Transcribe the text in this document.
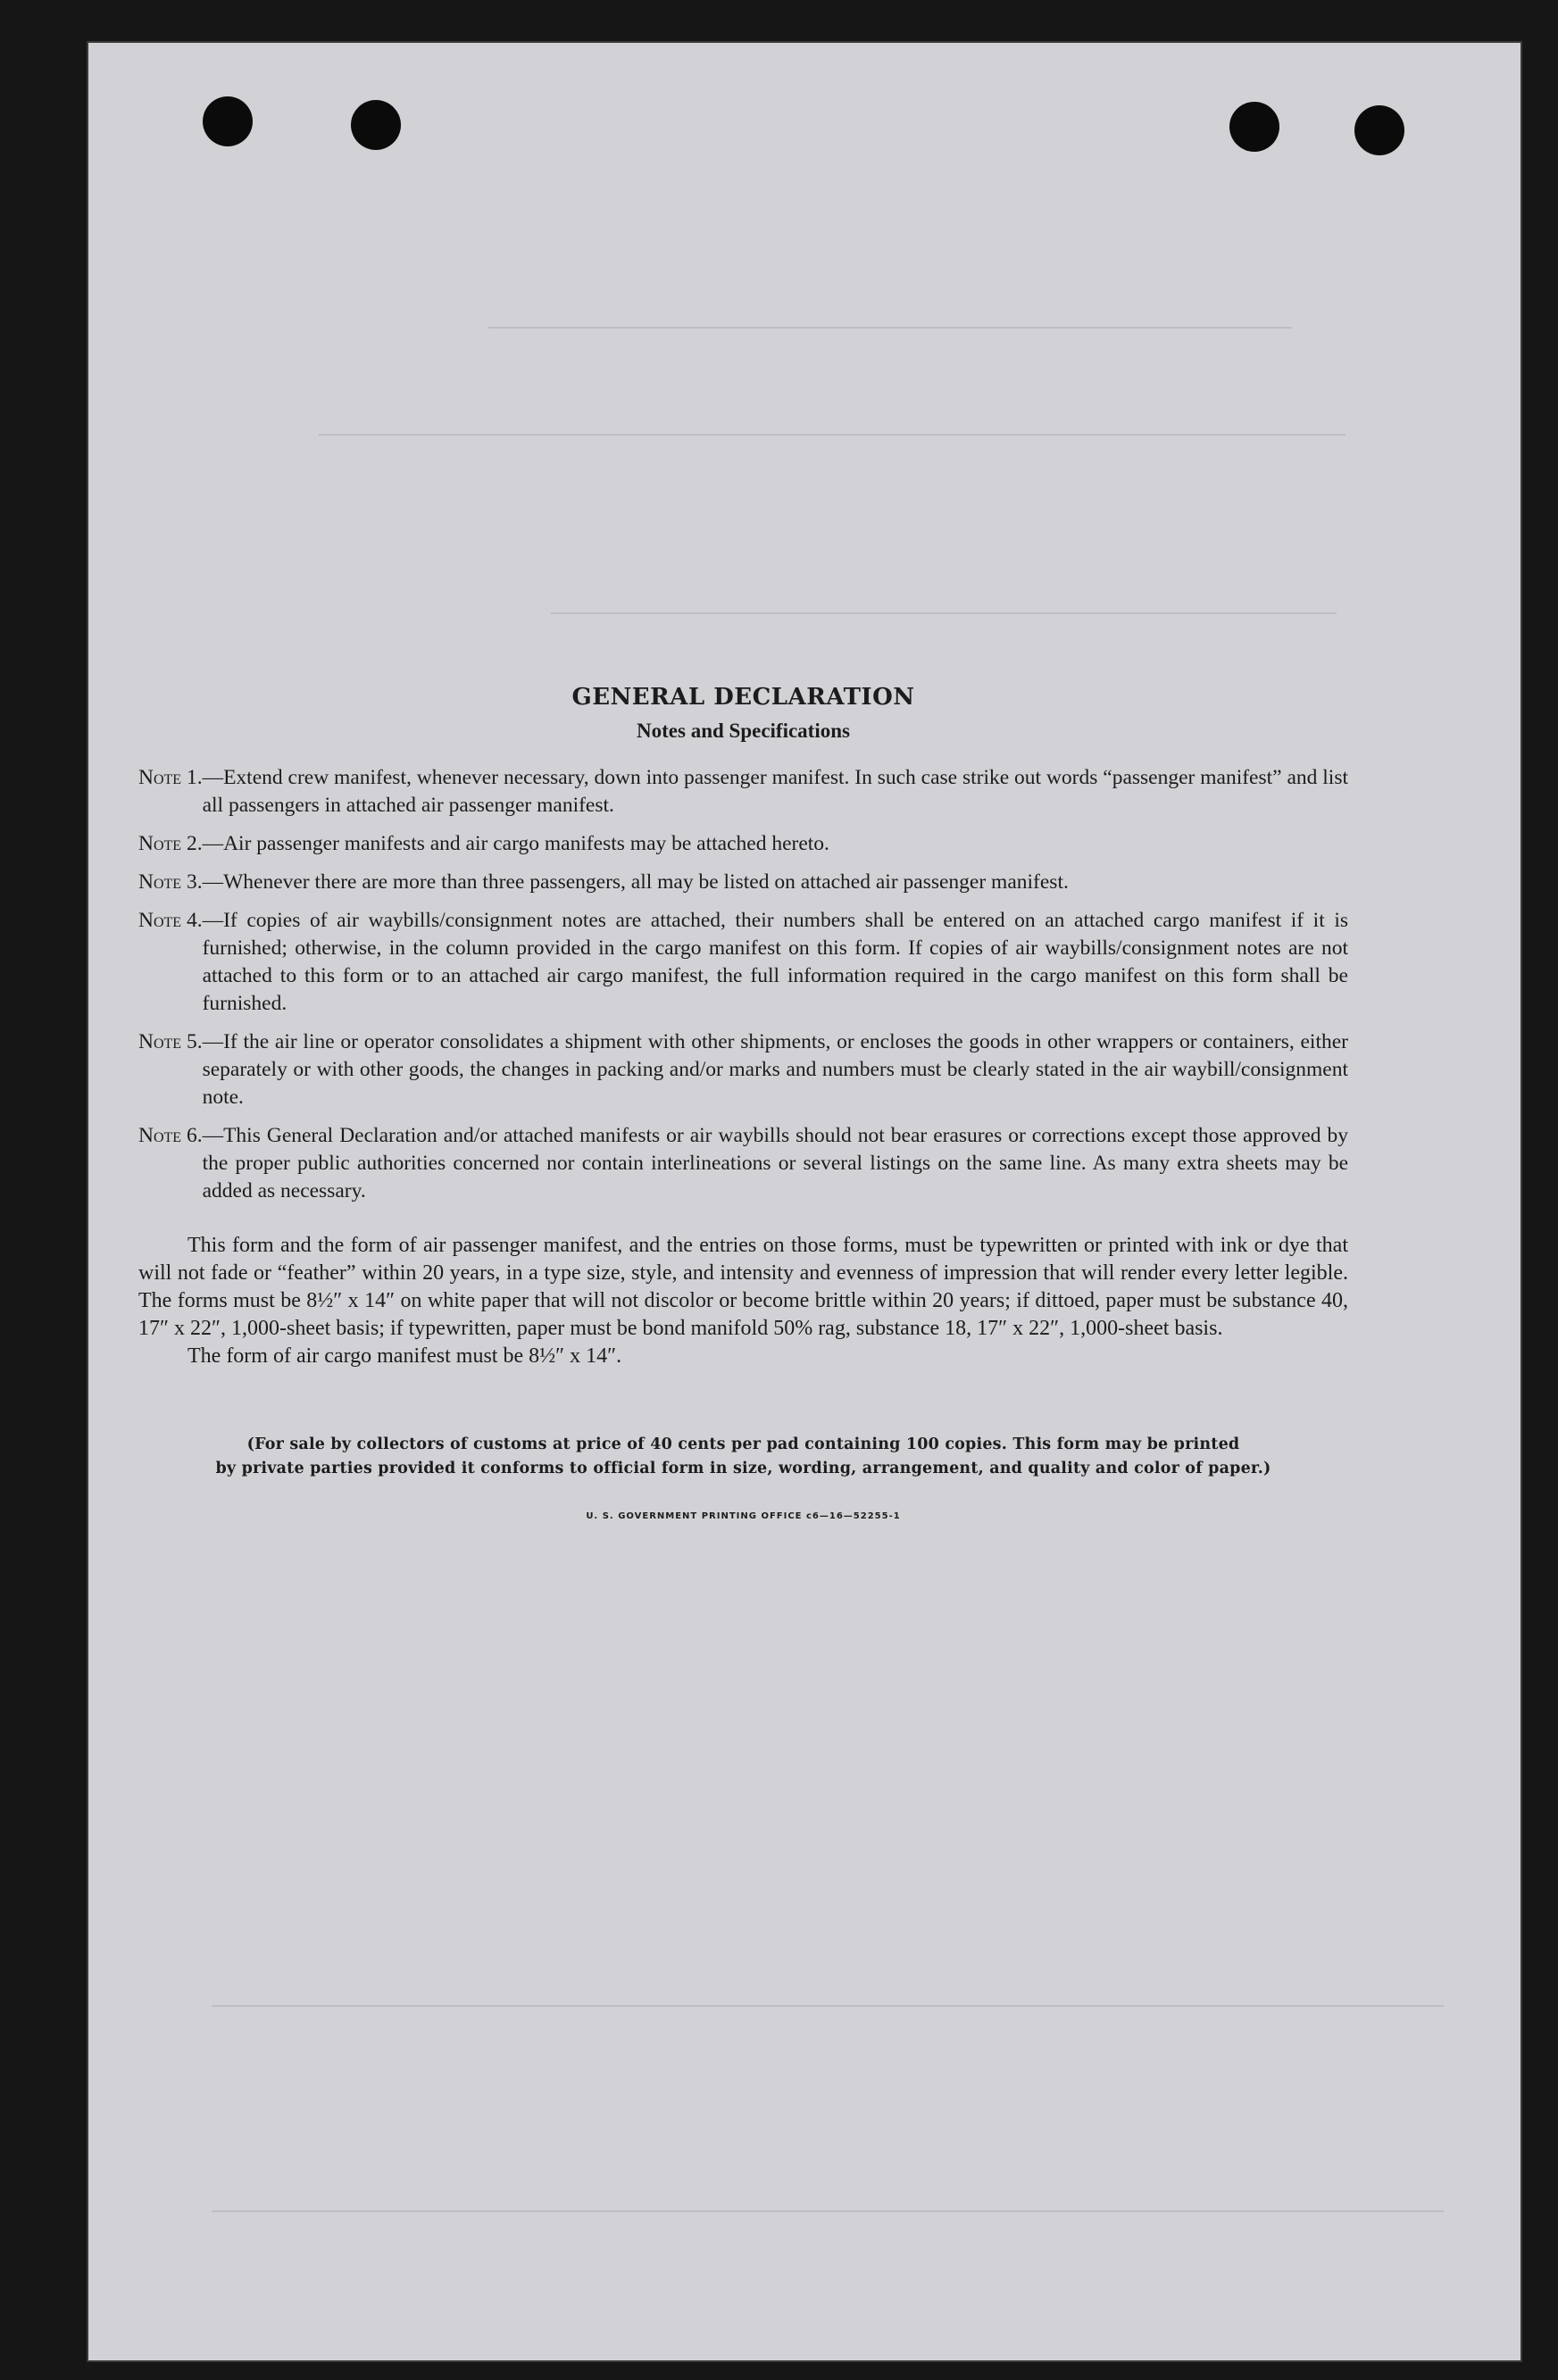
GENERAL DECLARATION
Notes and Specifications
Note 1. —Extend crew manifest, whenever necessary, down into passenger manifest. In such case strike out words “passenger manifest” and list all passengers in attached air passenger manifest.
Note 2. —Air passenger manifests and air cargo manifests may be attached hereto.
Note 3. —Whenever there are more than three passengers, all may be listed on attached air passenger manifest.
Note 4. —If copies of air waybills/consignment notes are attached, their numbers shall be entered on an attached cargo manifest if it is furnished; otherwise, in the column provided in the cargo manifest on this form. If copies of air waybills/consignment notes are not attached to this form or to an attached air cargo manifest, the full information required in the cargo manifest on this form shall be furnished.
Note 5. —If the air line or operator consolidates a shipment with other shipments, or encloses the goods in other wrappers or containers, either separately or with other goods, the changes in packing and/or marks and numbers must be clearly stated in the air waybill/consignment note.
Note 6. —This General Declaration and/or attached manifests or air waybills should not bear erasures or corrections except those approved by the proper public authorities concerned nor contain interlineations or several listings on the same line. As many extra sheets may be added as necessary.

This form and the form of air passenger manifest, and the entries on those forms, must be typewritten or printed with ink or dye that will not fade or “feather” within 20 years, in a type size, style, and intensity and evenness of impression that will render every letter legible. The forms must be 8½″ x 14″ on white paper that will not discolor or become brittle within 20 years; if dittoed, paper must be substance 40, 17″ x 22″, 1,000-sheet basis; if typewritten, paper must be bond manifold 50% rag, substance 18, 17″ x 22″, 1,000-sheet basis.

The form of air cargo manifest must be 8½″ x 14″.

(For sale by collectors of customs at price of 40 cents per pad containing 100 copies. This form may be printed
by private parties provided it conforms to official form in size, wording, arrangement, and quality and color of paper.)
U. S. GOVERNMENT PRINTING OFFICE c6—16—52255-1
